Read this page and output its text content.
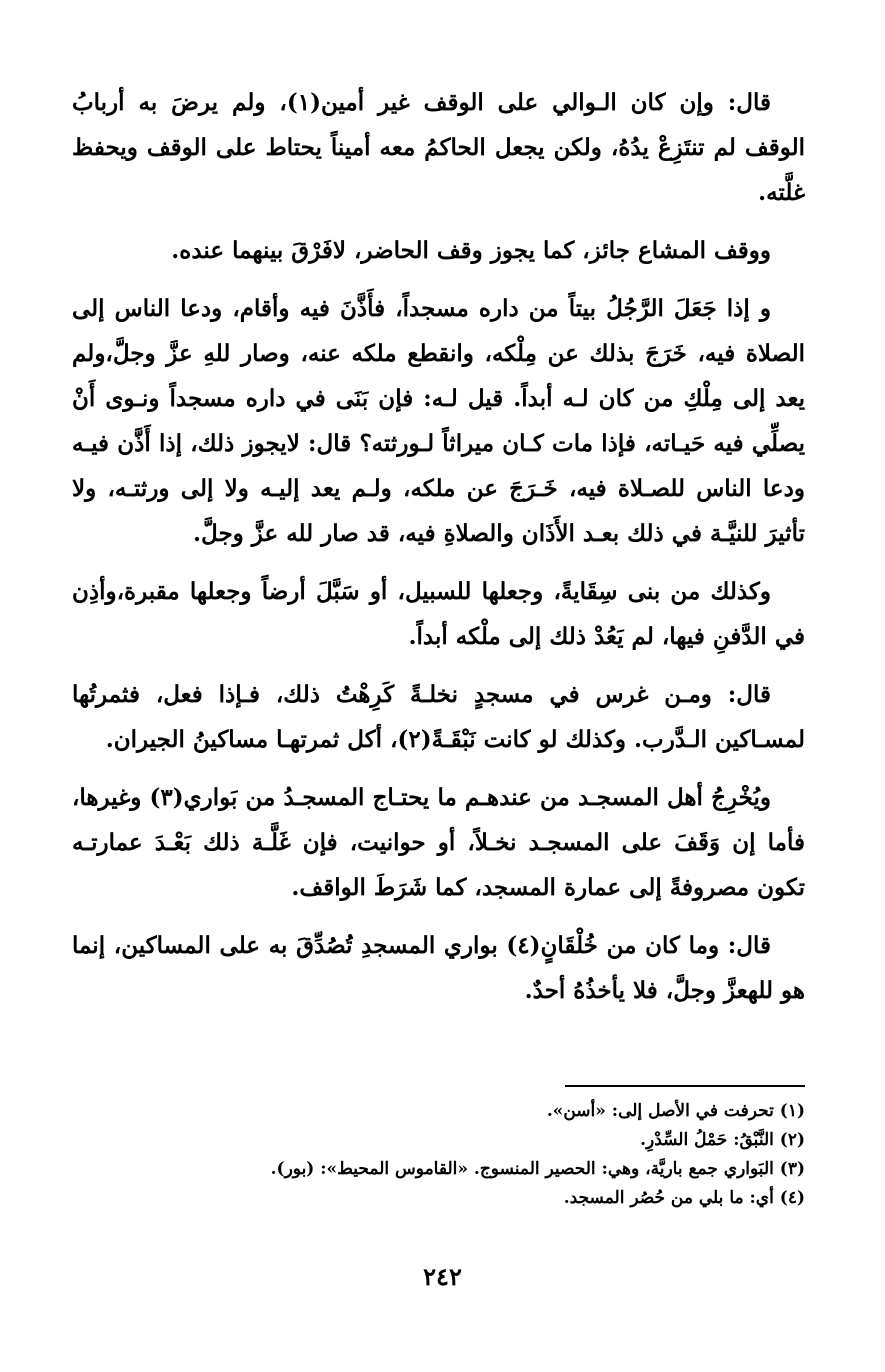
قال: وإن كان الـوالي على الوقف غير أمين(١)، ولم يرضَ به أربابُ الوقف لم تنتَزِعْ يدُهُ، ولكن يجعل الحاكمُ معه أميناً يحتاط على الوقف ويحفظ غلَّته.

ووقف المشاع جائز، كما يجوز وقف الحاضر، لافَرْقَ بينهما عنده.

و إذا جَعَلَ الرَّجُلُ بيتاً من داره مسجداً، فأَذَّنَ فيه وأقام، ودعا الناس إلى الصلاة فيه، خَرَجَ بذلك عن مِلْكه، وانقطع ملكه عنه، وصار للهِ عزَّ وجلَّ،ولم يعد إلى مِلْكِ من كان لـه أبداً. قيل لـه: فإن بَنَى في داره مسجداً ونـوى أَنْ يصلِّي فيه حَيـاته، فإذا مات كـان ميراثاً لـورثته؟ قال: لايجوز ذلك، إذا أَذَّن فيـه ودعا الناس للصـلاة فيه، خَـرَجَ عن ملكه، ولـم يعد إليـه ولا إلى ورثتـه، ولا تأثيرَ للنيَّـة في ذلك بعـد الأَذَان والصلاةِ فيه، قد صار لله عزَّ وجلَّ.

وكذلك من بنى سِقَايةً، وجعلها للسبيل، أو سَبَّلَ أرضاً وجعلها مقبرة،وأذِن في الدَّفنِ فيها، لم يَعُدْ ذلك إلى ملْكه أبداً.

قال: ومـن غرس في مسجدٍ نخلـةً كَرِهْتُ ذلك، فـإذا فعل، فثمرتُها لمسـاكين الـدَّرب. وكذلك لو كانت نَبْقَـةً(٢)، أكل ثمرتهـا مساكينُ الجيران.

ويُخْرِجُ أهل المسجـد من عندهـم ما يحتـاج المسجـدُ من بَواري(٣) وغيرها، فأما إن وَقَفَ على المسجـد نخـلاً، أو حوانيت، فإن غَلَّـة ذلك بَعْـدَ عمارتـه تكون مصروفةً إلى عمارة المسجد، كما شَرَطَ الواقف.

قال: وما كان من خُلْقَانٍ(٤) بواري المسجدِ تُصُدِّقَ به على المساكين، إنما هو للهعزَّ وجلَّ، فلا يأخذُهُ أحدٌ.

(١) تحرفت في الأصل إلى: «أسن».

(٢) النَّبْقُ: حَمْلُ السِّدْرِ.

(٣) البَواري جمع باريَّة، وهي: الحصير المنسوج. «القاموس المحيط»: (بور).

(٤) أي: ما بلي من حُصُر المسجد.

٢٤٢
